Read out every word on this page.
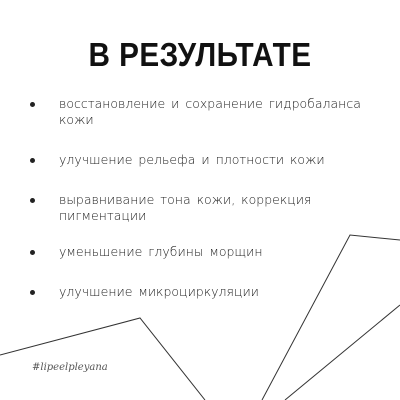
В РЕЗУЛЬТАТЕ
восстановление и сохранение гидробаланса кожи
улучшение рельефа и плотности кожи
выравнивание тона кожи, коррекция пигментации
уменьшение глубины морщин
улучшение микроциркуляции
#lipeelpleyana
